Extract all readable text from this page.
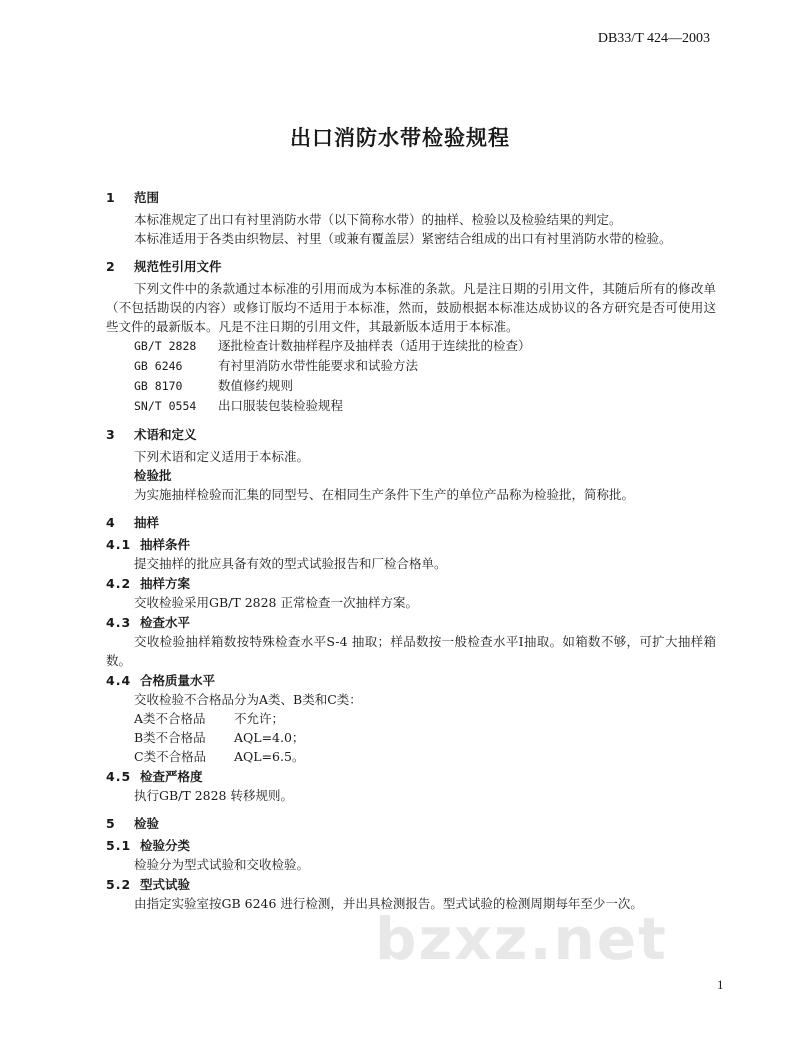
DB33/T 424—2003
出口消防水带检验规程
1 范围
本标准规定了出口有衬里消防水带（以下简称水带）的抽样、检验以及检验结果的判定。
本标准适用于各类由织物层、衬里（或兼有覆盖层）紧密结合组成的出口有衬里消防水带的检验。
2 规范性引用文件
下列文件中的条款通过本标准的引用而成为本标准的条款。凡是注日期的引用文件，其随后所有的修改单（不包括勘误的内容）或修订版均不适用于本标准，然而，鼓励根据本标准达成协议的各方研究是否可使用这些文件的最新版本。凡是不注日期的引用文件，其最新版本适用于本标准。
GB/T 2828 逐批检查计数抽样程序及抽样表（适用于连续批的检查）
GB 6246	有衬里消防水带性能要求和试验方法
GB 8170	数值修约规则
SN/T 0554 出口服装包装检验规程
3 术语和定义
下列术语和定义适用于本标准。
检验批
为实施抽样检验而汇集的同型号、在相同生产条件下生产的单位产品称为检验批，简称批。
4 抽样
4.1 抽样条件
提交抽样的批应具备有效的型式试验报告和厂检合格单。
4.2 抽样方案
交收检验采用GB/T 2828 正常检查一次抽样方案。
4.3 检查水平
交收检验抽样箱数按特殊检查水平S-4 抽取；样品数按一般检查水平Ⅰ抽取。如箱数不够，可扩大抽样箱数。
4.4 合格质量水平
交收检验不合格品分为A类、B类和C类：
A类不合格品 不允许；
B类不合格品 AQL=4.0；
C类不合格品 AQL=6.5。
4.5 检查严格度
执行GB/T 2828 转移规则。
5 检验
5.1 检验分类
检验分为型式试验和交收检验。
5.2 型式试验
由指定实验室按GB 6246 进行检测，并出具检测报告。型式试验的检测周期每年至少一次。
bzxz.net
1
